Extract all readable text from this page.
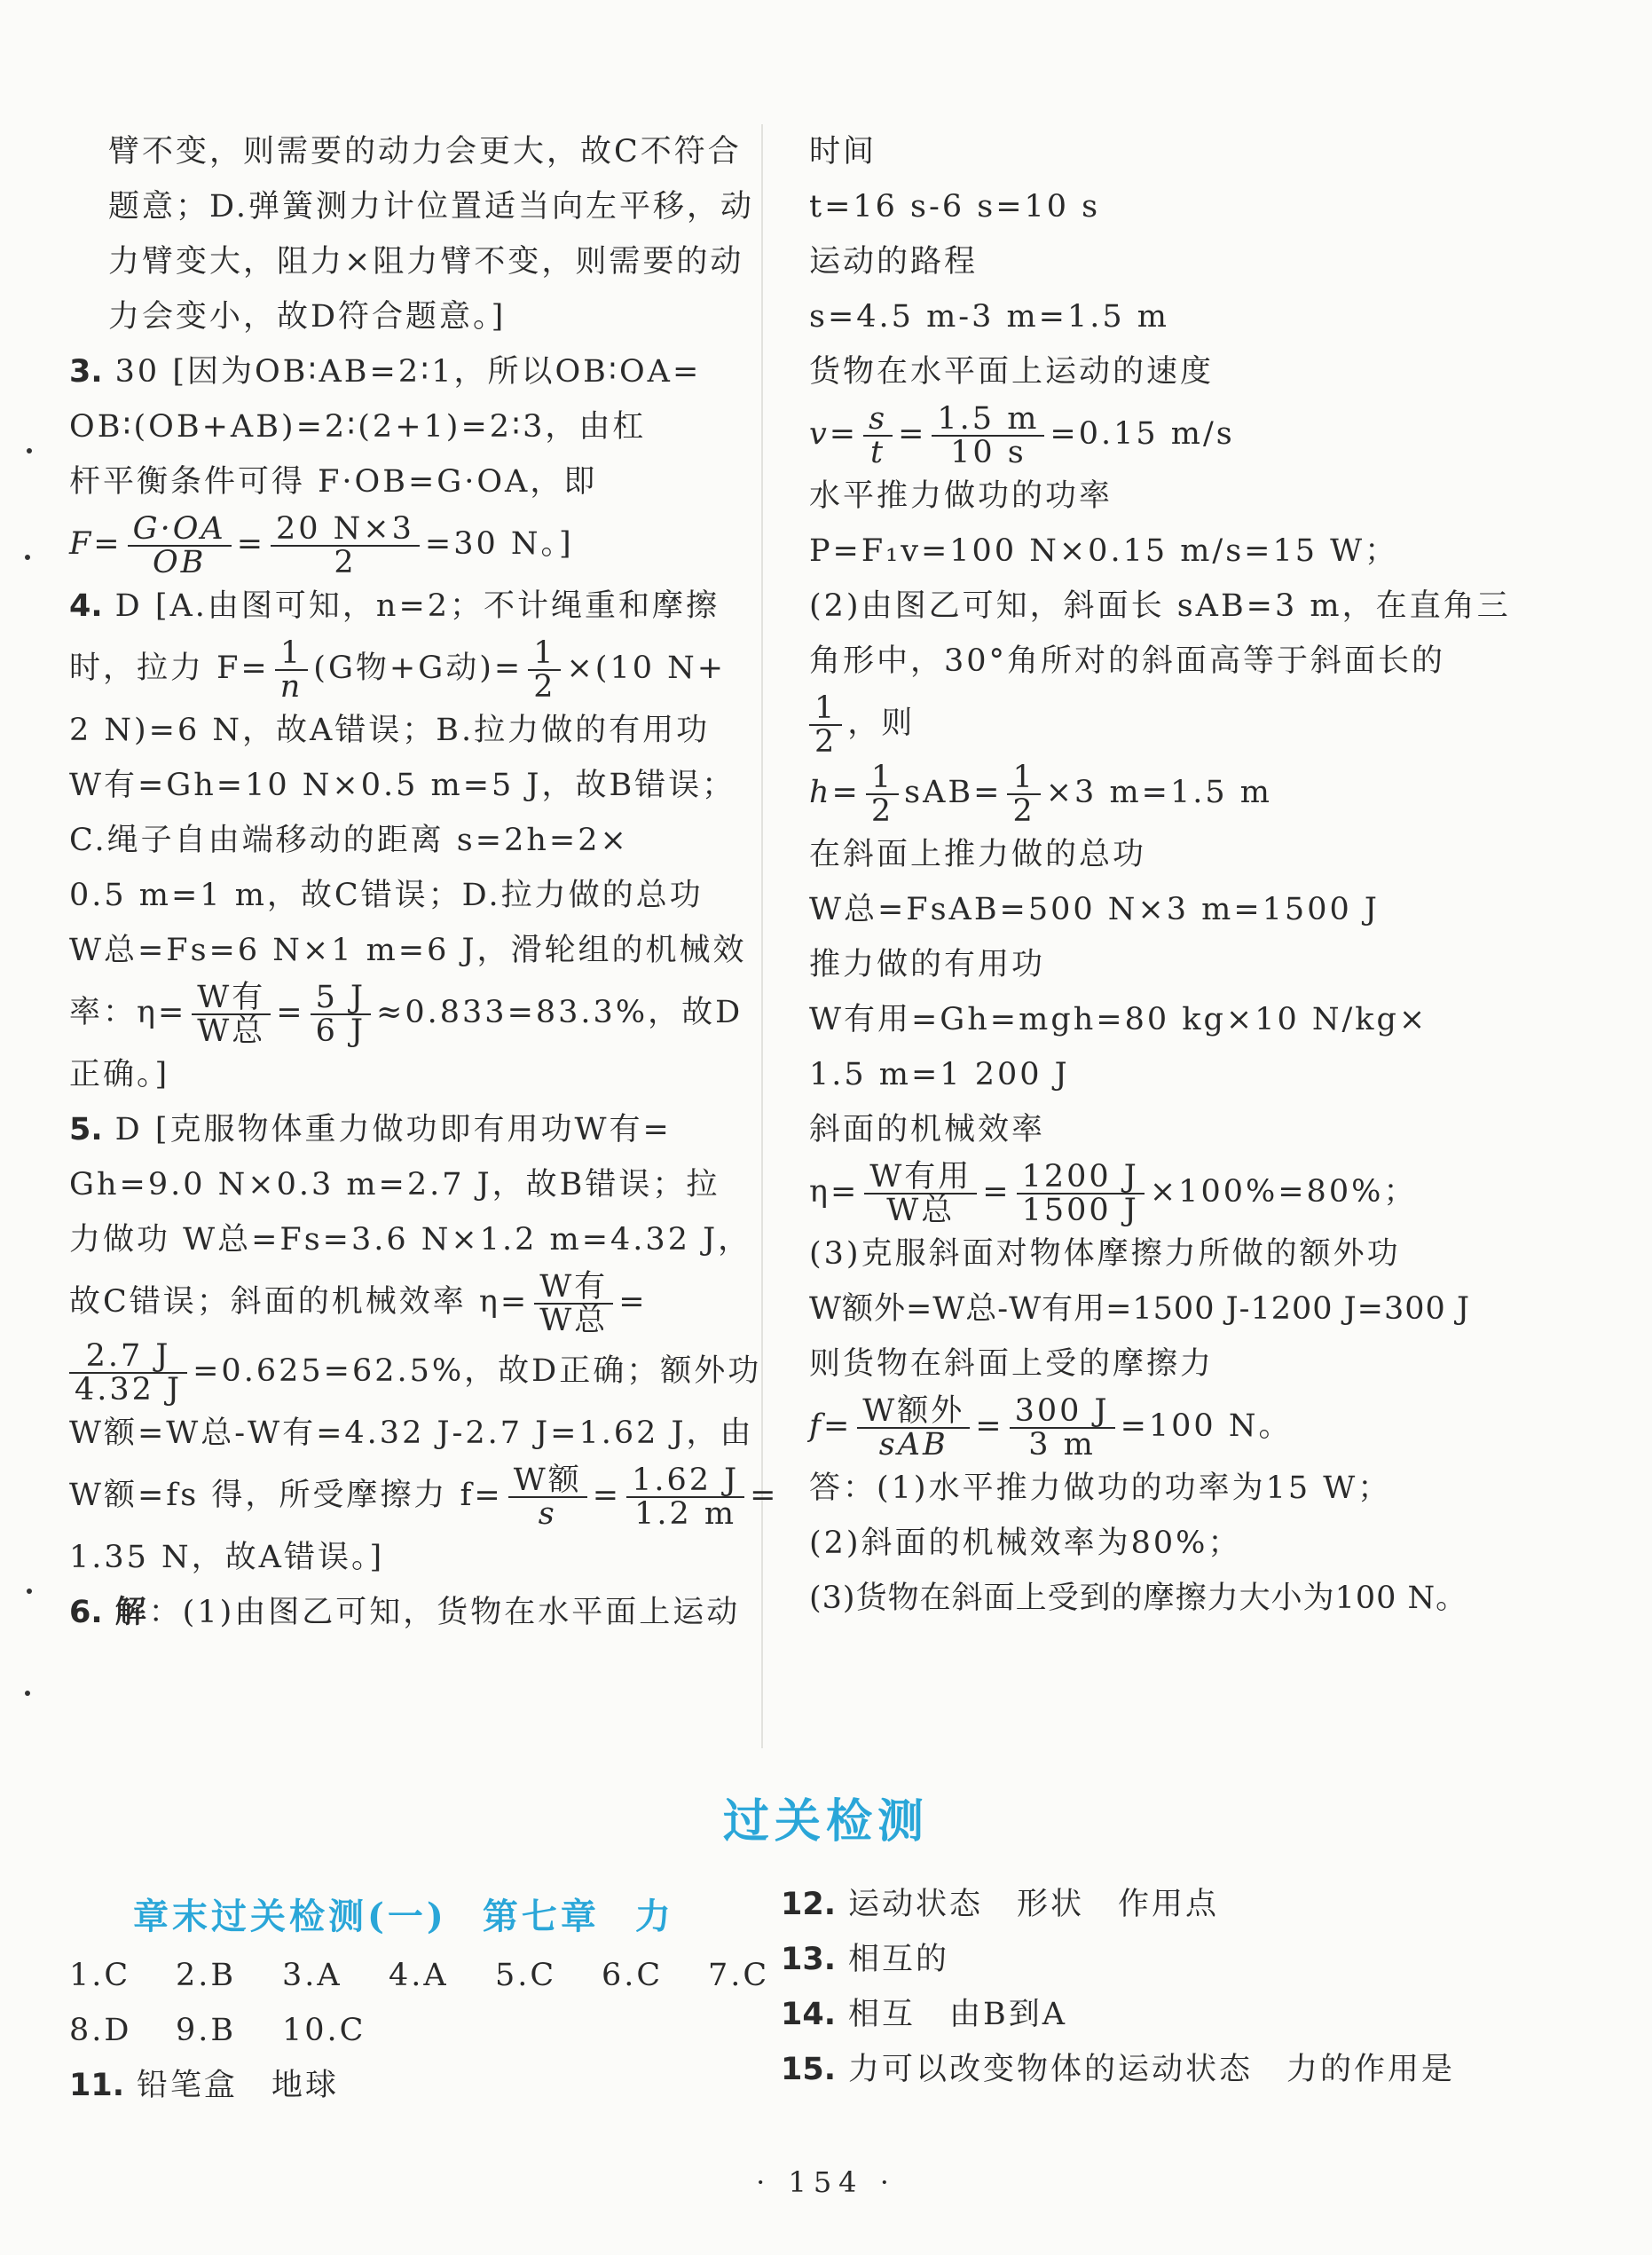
臂不变，则需要的动力会更大，故C不符合
题意；D.弹簧测力计位置适当向左平移，动
力臂变大，阻力×阻力臂不变，则需要的动
力会变小，故D符合题意。]
3. 30 [因为OB∶AB=2∶1，所以OB∶OA=
OB∶(OB+AB)=2∶(2+1)=2∶3，由杠
杆平衡条件可得 F·OB=G·OA，即
$F= \frac{G\cdot OA}{OB} = \frac{20 N\times 3}{2} =30$ N。]
4. D [A.由图可知，n=2；不计绳重和摩擦
时，拉力 $F= \frac{1}{n} (G$物+G动)= $\frac{1}{2} \times(10$ N+
2 N)=6 N，故A错误；B.拉力做的有用功
W有=Gh=10 N×0.5 m=5 J，故B错误；
C.绳子自由端移动的距离 s=2h=2×
0.5 m=1 m，故C错误；D.拉力做的总功
W总=Fs=6 N×1 m=6 J，滑轮组的机械效
率：$\eta= \frac{\text{W有}}{\text{W总}} = \frac{5 J}{6 J} \approx 0.833=83.3\%$，故D
正确。]
5. D [克服物体重力做功即有用功W有=
Gh=9.0 N×0.3 m=2.7 J，故B错误；拉
力做功 W总=Fs=3.6 N×1.2 m=4.32 J，
故C错误；斜面的机械效率 $\eta= \frac{\text{W有}}{\text{W总}}$ =
$\frac{2.7 J}{4.32 J} =0.625=62.5\%$，故D正确；额外功
W额=W总-W有=4.32 J-2.7 J=1.62 J，由
W额=fs 得，所受摩擦力 $f= \frac{\text{W额}}{s} = \frac{1.62 J}{1.2 m}$ =
1.35 N，故A错误。]
6. 解：(1)由图乙可知，货物在水平面上运动
时间
t=16 s-6 s=10 s
运动的路程
s=4.5 m-3 m=1.5 m
货物在水平面上运动的速度
$v= \frac{s}{t} = \frac{1.5 m}{10 s} =0.15$ m/s
水平推力做功的功率
P=F₁v=100 N×0.15 m/s=15 W；
(2)由图乙可知，斜面长 sAB=3 m，在直角三
角形中，30°角所对的斜面高等于斜面长的
$\frac{1}{2}$ ，则
$h= \frac{1}{2} sAB= \frac{1}{2} \times 3$ m=1.5 m
在斜面上推力做的总功
W总=FsAB=500 N×3 m=1500 J
推力做的有用功
W有用=Gh=mgh=80 kg×10 N/kg×
1.5 m=1 200 J
斜面的机械效率
$\eta= \frac{\text{W有用}}{\text{W总}} = \frac{1200 J}{1500 J} \times 100\%=80\%$；
(3)克服斜面对物体摩擦力所做的额外功
W额外=W总-W有用=1500 J-1200 J=300 J
则货物在斜面上受的摩擦力
$f= \frac{\text{W额外}}{\text{sAB}} = \frac{300 J}{3 m} =100$ N。
答：(1)水平推力做功的功率为15 W；
(2)斜面的机械效率为80%；
(3)货物在斜面上受到的摩擦力大小为100 N。
过关检测
章末过关检测(一) 第七章 力
1.C 2.B 3.A 4.A 5.C 6.C 7.C
8.D 9.B 10.C
11. 铅笔盒　地球
12. 运动状态　形状　作用点
13. 相互的
14. 相互　由B到A
15. 力可以改变物体的运动状态　力的作用是
· 154 ·
